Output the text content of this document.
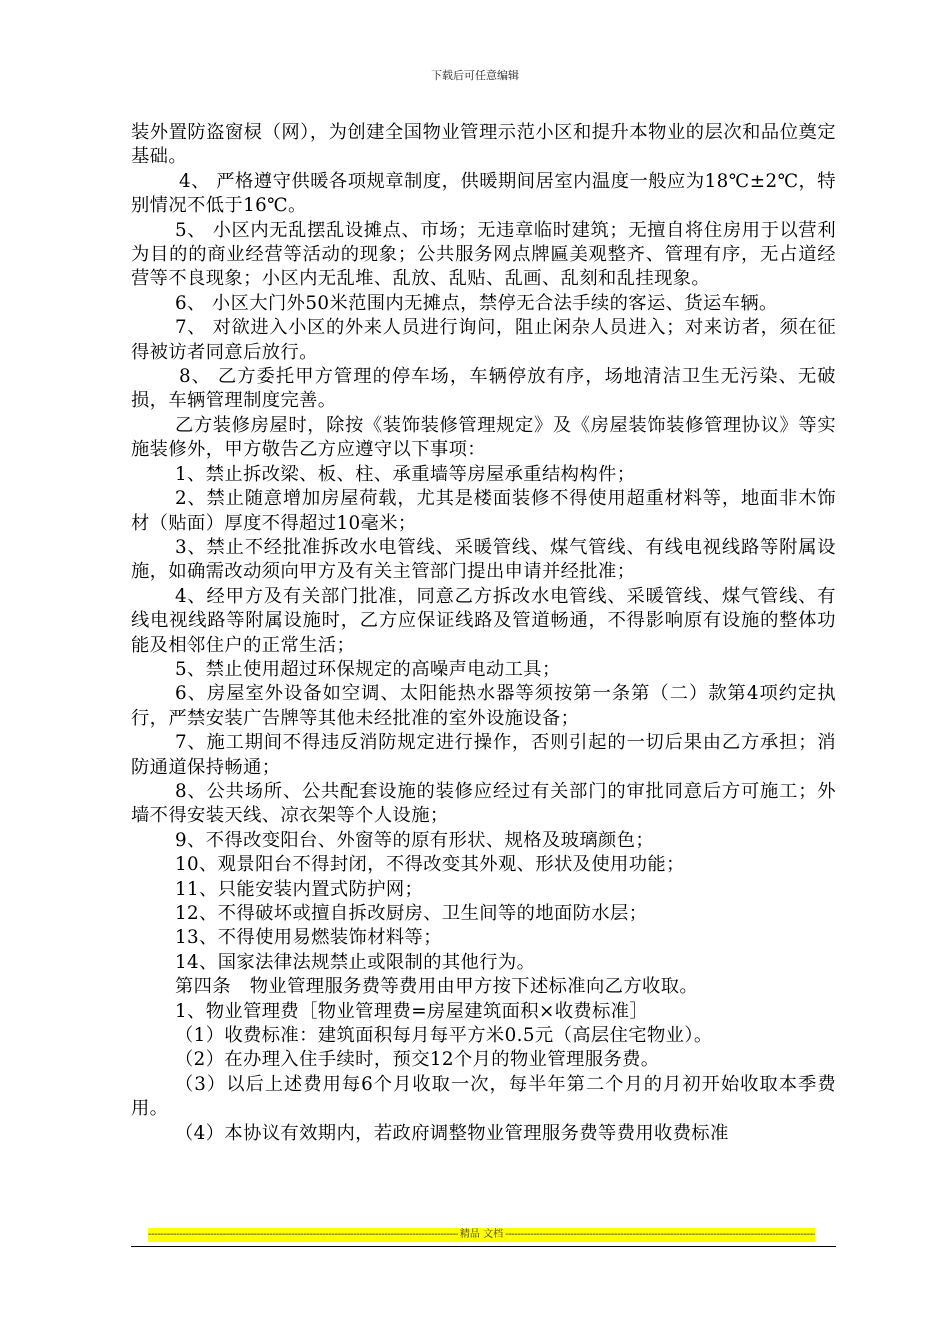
下载后可任意编辑

装外置防盗窗棂（网），为创建全国物业管理示范小区和提升本物业的层次和品位奠定基础。

4、 严格遵守供暖各项规章制度，供暖期间居室内温度一般应为18℃±2℃，特别情况不低于16℃。

5、 小区内无乱摆乱设摊点、市场；无违章临时建筑；无擅自将住房用于以营利为目的的商业经营等活动的现象；公共服务网点牌匾美观整齐、管理有序，无占道经营等不良现象；小区内无乱堆、乱放、乱贴、乱画、乱刻和乱挂现象。

6、 小区大门外50米范围内无摊点，禁停无合法手续的客运、货运车辆。

7、 对欲进入小区的外来人员进行询问，阻止闲杂人员进入；对来访者，须在征得被访者同意后放行。

8、 乙方委托甲方管理的停车场，车辆停放有序，场地清洁卫生无污染、无破损，车辆管理制度完善。

乙方装修房屋时，除按《装饰装修管理规定》及《房屋装饰装修管理协议》等实施装修外，甲方敬告乙方应遵守以下事项：

1、禁止拆改梁、板、柱、承重墙等房屋承重结构构件；

2、禁止随意增加房屋荷载，尤其是楼面装修不得使用超重材料等，地面非木饰材（贴面）厚度不得超过10毫米；

3、禁止不经批准拆改水电管线、采暖管线、煤气管线、有线电视线路等附属设施，如确需改动须向甲方及有关主管部门提出申请并经批准；

4、经甲方及有关部门批准，同意乙方拆改水电管线、采暖管线、煤气管线、有线电视线路等附属设施时，乙方应保证线路及管道畅通，不得影响原有设施的整体功能及相邻住户的正常生活；

5、禁止使用超过环保规定的高噪声电动工具；

6、房屋室外设备如空调、太阳能热水器等须按第一条第（二）款第4项约定执行，严禁安装广告牌等其他未经批准的室外设施设备；

7、施工期间不得违反消防规定进行操作，否则引起的一切后果由乙方承担；消防通道保持畅通；

8、公共场所、公共配套设施的装修应经过有关部门的审批同意后方可施工；外墙不得安装天线、凉衣架等个人设施；

9、不得改变阳台、外窗等的原有形状、规格及玻璃颜色；

10、观景阳台不得封闭，不得改变其外观、形状及使用功能；

11、只能安装内置式防护网；

12、不得破坏或擅自拆改厨房、卫生间等的地面防水层；

13、不得使用易燃装饰材料等；

14、国家法律法规禁止或限制的其他行为。

第四条　物业管理服务费等费用由甲方按下述标准向乙方收取。

1、物业管理费［物业管理费=房屋建筑面积×收费标准］

（1）收费标准：建筑面积每月每平方米0.5元（高层住宅物业）。

（2）在办理入住手续时，预交12个月的物业管理服务费。

（3）以后上述费用每6个月收取一次，每半年第二个月的月初开始收取本季费用。

（4）本协议有效期内，若政府调整物业管理服务费等费用收费标准

-----
精品 文档
-----
